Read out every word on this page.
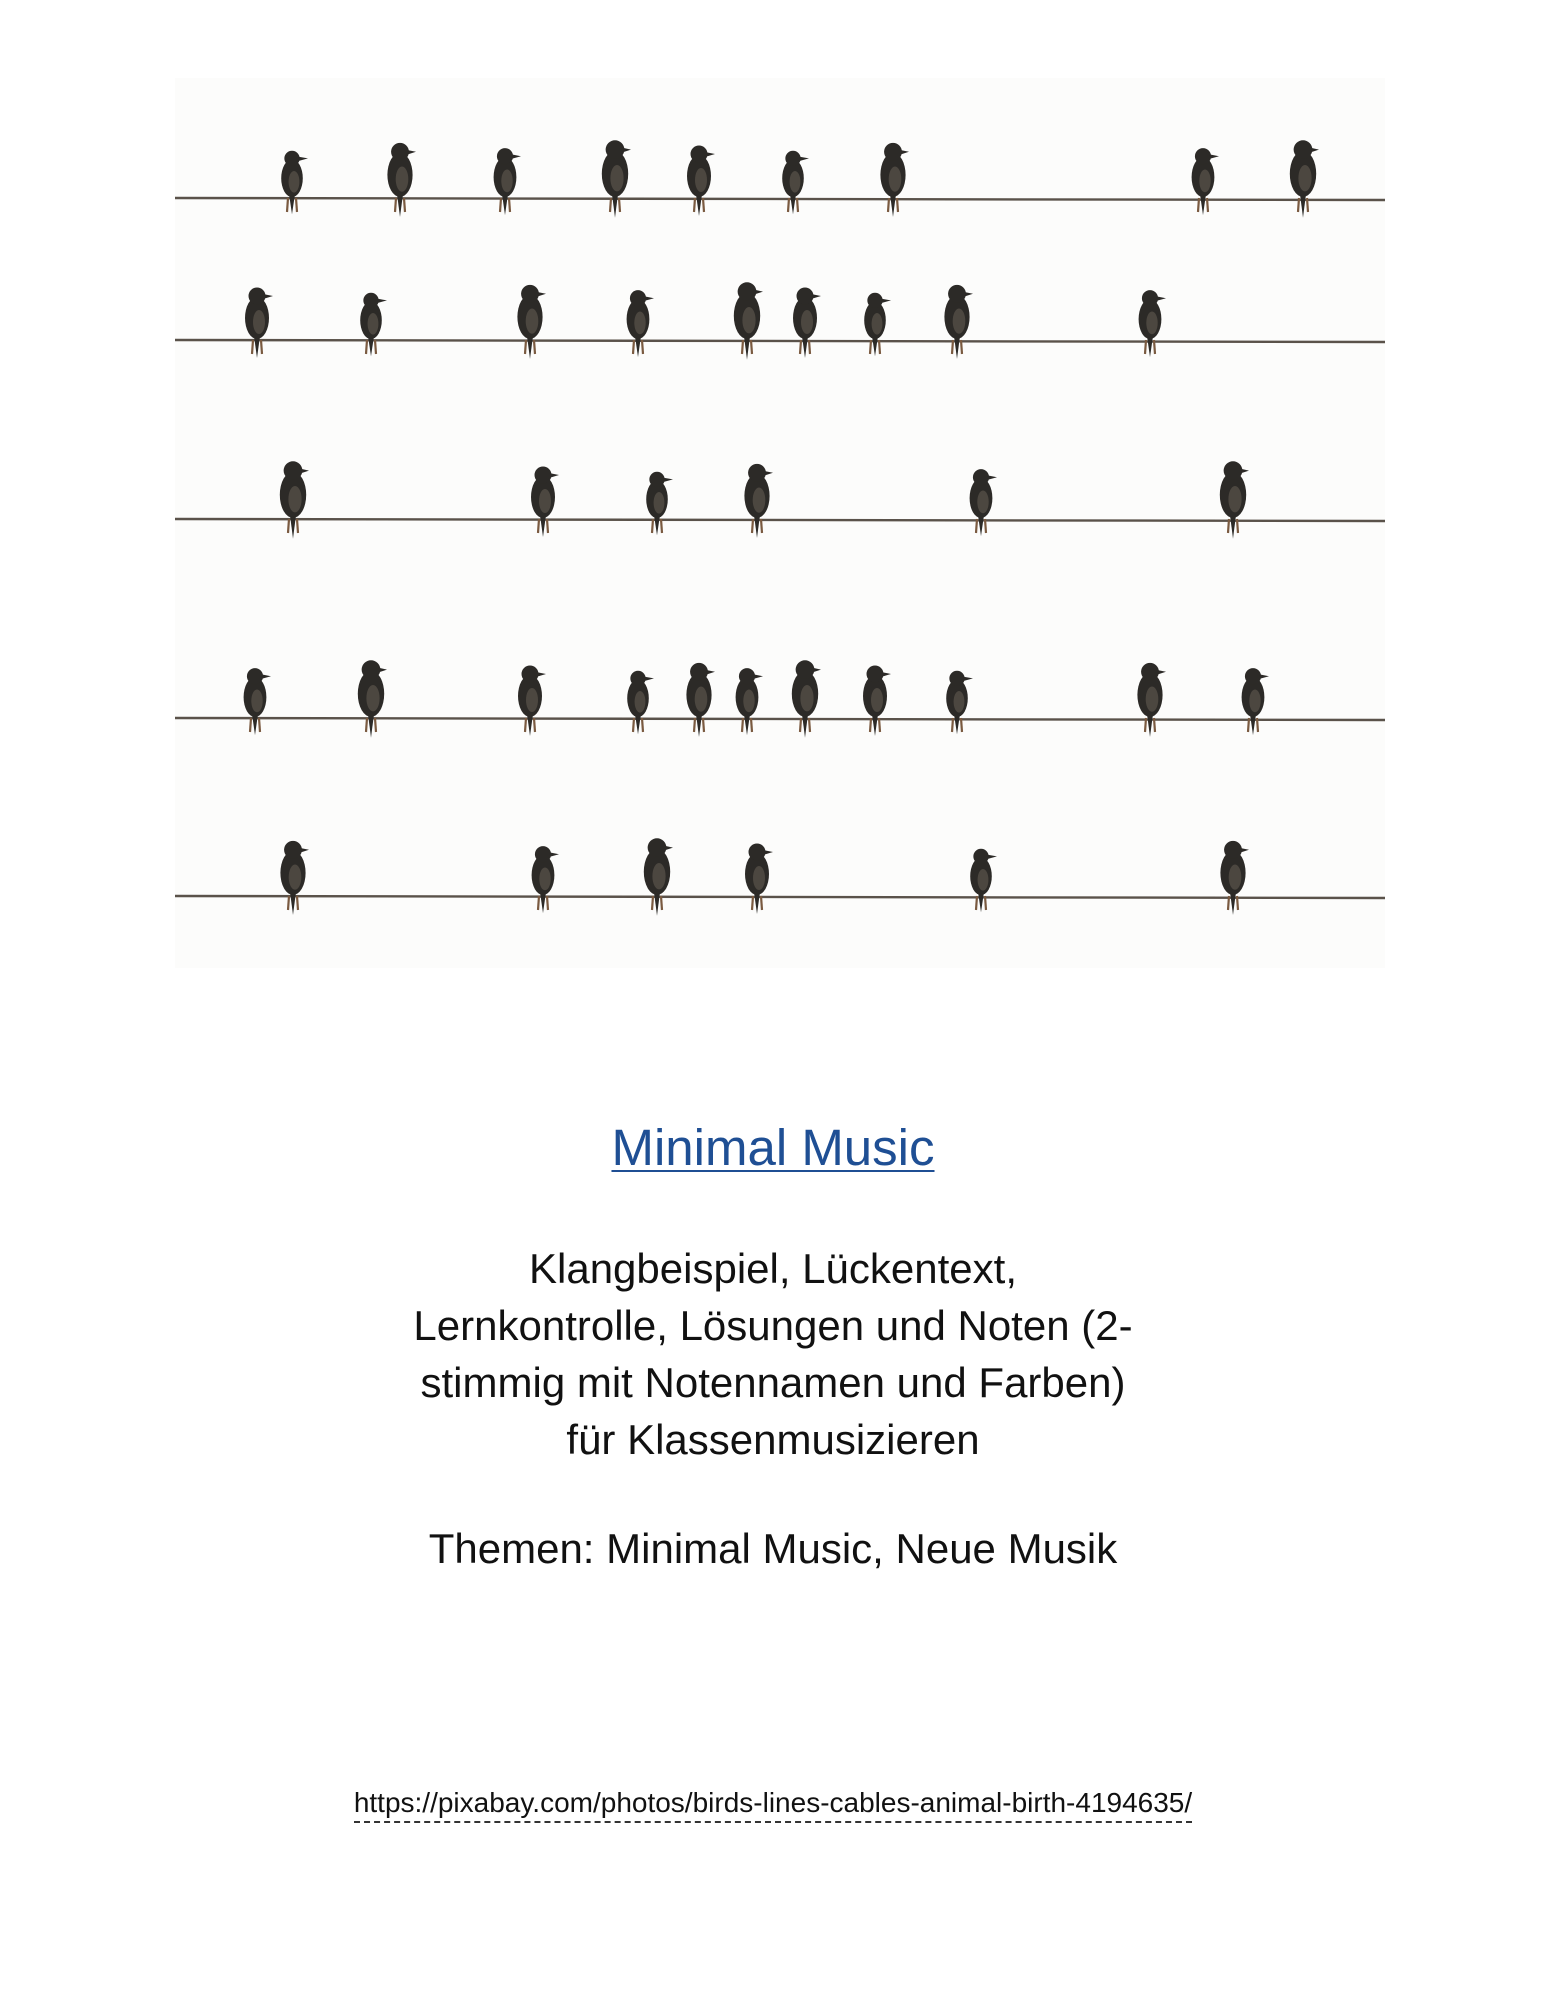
Minimal Music
Klangbeispiel, Lückentext,
Lernkontrolle, Lösungen und Noten (2-
stimmig mit Notennamen und Farben)
für Klassenmusizieren
Themen: Minimal Music, Neue Musik
https://pixabay.com/photos/birds-lines-cables-animal-birth-4194635/
